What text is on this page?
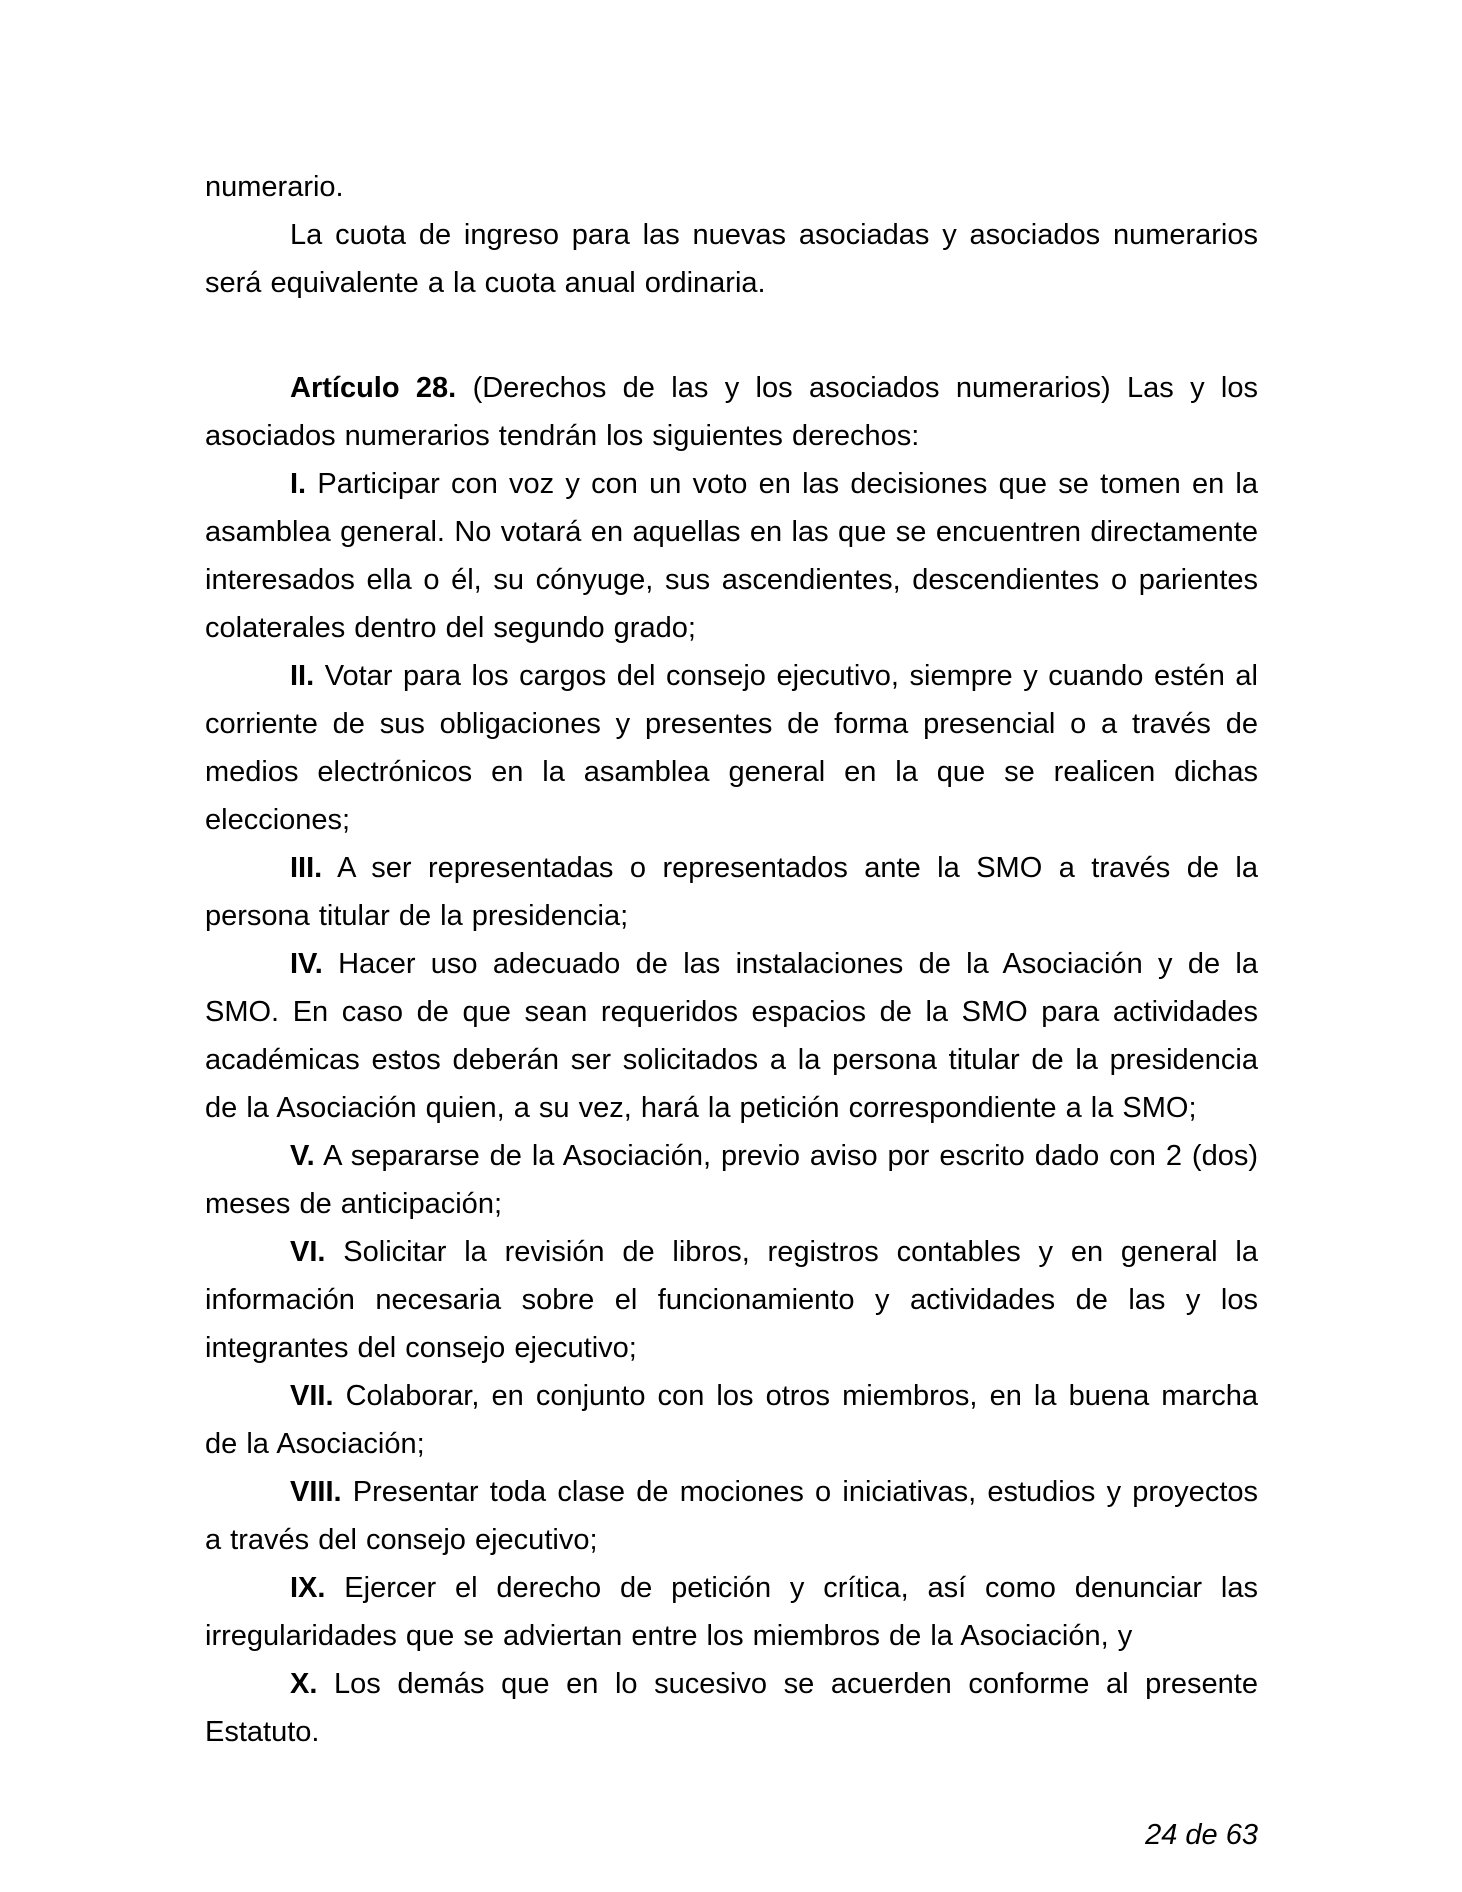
numerario.

La cuota de ingreso para las nuevas asociadas y asociados numerarios será equivalente a la cuota anual ordinaria.

Artículo 28. (Derechos de las y los asociados numerarios) Las y los asociados numerarios tendrán los siguientes derechos:

I. Participar con voz y con un voto en las decisiones que se tomen en la asamblea general. No votará en aquellas en las que se encuentren directamente interesados ella o él, su cónyuge, sus ascendientes, descendientes o parientes colaterales dentro del segundo grado;

II. Votar para los cargos del consejo ejecutivo, siempre y cuando estén al corriente de sus obligaciones y presentes de forma presencial o a través de medios electrónicos en la asamblea general en la que se realicen dichas elecciones;

III. A ser representadas o representados ante la SMO a través de la persona titular de la presidencia;

IV. Hacer uso adecuado de las instalaciones de la Asociación y de la SMO. En caso de que sean requeridos espacios de la SMO para actividades académicas estos deberán ser solicitados a la persona titular de la presidencia de la Asociación quien, a su vez, hará la petición correspondiente a la SMO;

V. A separarse de la Asociación, previo aviso por escrito dado con 2 (dos) meses de anticipación;

VI. Solicitar la revisión de libros, registros contables y en general la información necesaria sobre el funcionamiento y actividades de las y los integrantes del consejo ejecutivo;

VII. Colaborar, en conjunto con los otros miembros, en la buena marcha de la Asociación;

VIII. Presentar toda clase de mociones o iniciativas, estudios y proyectos a través del consejo ejecutivo;

IX. Ejercer el derecho de petición y crítica, así como denunciar las irregularidades que se adviertan entre los miembros de la Asociación, y

X. Los demás que en lo sucesivo se acuerden conforme al presente Estatuto.

24 de 63
